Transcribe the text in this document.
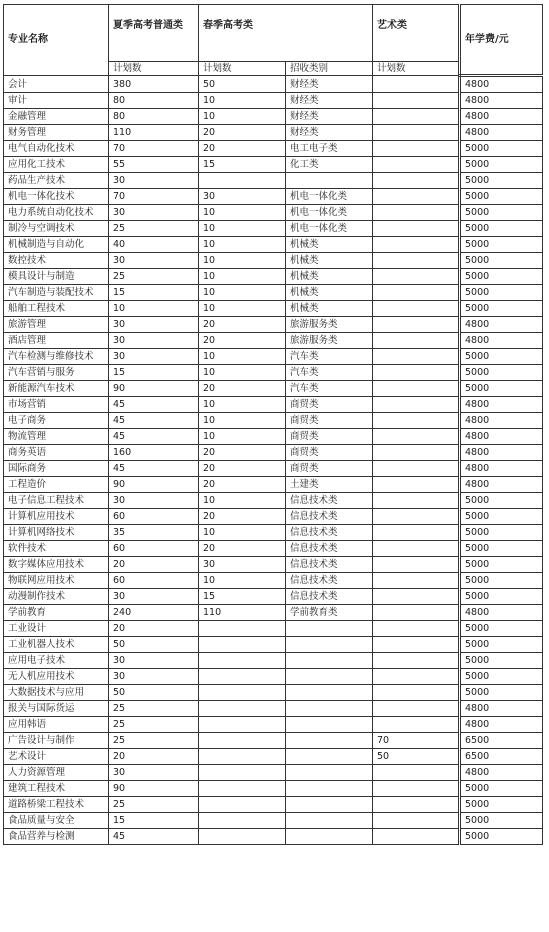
专业名称	夏季高考普通类	春季高考类		艺术类	年学费/元
	计划数	计划数	招收类别	计划数	
会计	380	50	财经类		4800
审计	80	10	财经类		4800
金融管理	80	10	财经类		4800
财务管理	110	20	财经类		4800
电气自动化技术	70	20	电工电子类		5000
应用化工技术	55	15	化工类		5000
药品生产技术	30				5000
机电一体化技术	70	30	机电一体化类		5000
电力系统自动化技术	30	10	机电一体化类		5000
制冷与空调技术	25	10	机电一体化类		5000
机械制造与自动化	40	10	机械类		5000
数控技术	30	10	机械类		5000
模具设计与制造	25	10	机械类		5000
汽车制造与装配技术	15	10	机械类		5000
船舶工程技术	10	10	机械类		5000
旅游管理	30	20	旅游服务类		4800
酒店管理	30	20	旅游服务类		4800
汽车检测与维修技术	30	10	汽车类		5000
汽车营销与服务	15	10	汽车类		5000
新能源汽车技术	90	20	汽车类		5000
市场营销	45	10	商贸类		4800
电子商务	45	10	商贸类		4800
物流管理	45	10	商贸类		4800
商务英语	160	20	商贸类		4800
国际商务	45	20	商贸类		4800
工程造价	90	20	土建类		4800
电子信息工程技术	30	10	信息技术类		5000
计算机应用技术	60	20	信息技术类		5000
计算机网络技术	35	10	信息技术类		5000
软件技术	60	20	信息技术类		5000
数字媒体应用技术	20	30	信息技术类		5000
物联网应用技术	60	10	信息技术类		5000
动漫制作技术	30	15	信息技术类		5000
学前教育	240	110	学前教育类		4800
工业设计	20				5000
工业机器人技术	50				5000
应用电子技术	30				5000
无人机应用技术	30				5000
大数据技术与应用	50				5000
报关与国际货运	25				4800
应用韩语	25				4800
广告设计与制作	25			70	6500
艺术设计	20			50	6500
人力资源管理	30				4800
建筑工程技术	90				5000
道路桥梁工程技术	25				5000
食品质量与安全	15				5000
食品营养与检测	45				5000
